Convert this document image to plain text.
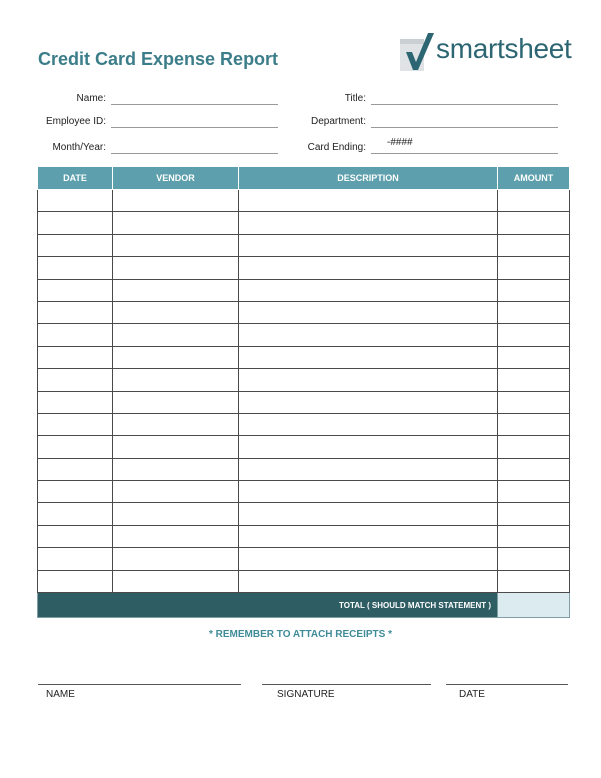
Credit Card Expense Report	smartsheet
Name:
Employee ID:
Month/Year:
Title:
Department:
Card Ending: -####
DATE	VENDOR	DESCRIPTION	AMOUNT

TOTAL ( SHOULD MATCH STATEMENT )			
* REMEMBER TO ATTACH RECEIPTS *
NAME	SIGNATURE	DATE
